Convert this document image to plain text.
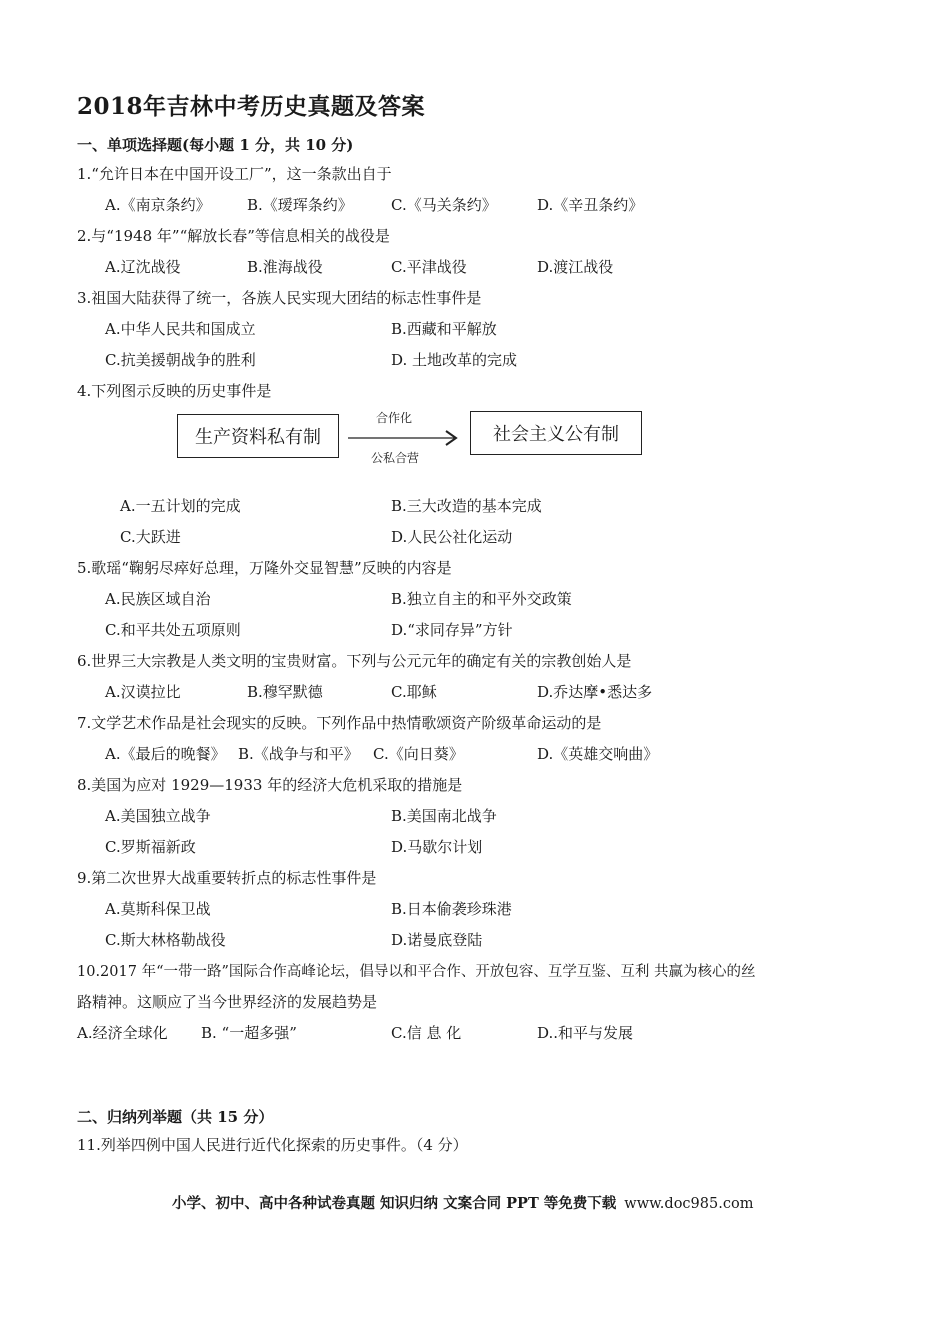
2018年吉林中考历史真题及答案
一、单项选择题(每小题 1 分，共 10 分)
1.“允许日本在中国开设工厂”，这一条款出自于
A.《南京条约》 B.《瑷珲条约》	C.《马关条约》	D.《辛丑条约》
2.与“1948 年”“解放长春”等信息相关的战役是
A.辽沈战役	B.淮海战役	C.平津战役	D.渡江战役
3.祖国大陆获得了统一，各族人民实现大团结的标志性事件是
A.中华人民共和国成立	B.西藏和平解放
C.抗美援朝战争的胜利	D. 土地改革的完成
4.下列图示反映的历史事件是
生产资料私有制
合作化
公私合营
社会主义公有制
A.一五计划的完成	B.三大改造的基本完成
C.大跃进	D.人民公社化运动
5.歌瑶“鞠躬尽瘁好总理，万隆外交显智慧”反映的内容是
A.民族区域自治	B.独立自主的和平外交政策
C.和平共处五项原则	D.“求同存异”方针
6.世界三大宗教是人类文明的宝贵财富。下列与公元元年的确定有关的宗教创始人是
A.汉谟拉比	B.穆罕默德	C.耶稣	D.乔达摩•悉达多
7.文学艺术作品是社会现实的反映。下列作品中热情歌颂资产阶级革命运动的是
A.《最后的晚餐》 B.《战争与和平》 C.《向日葵》	D.《英雄交响曲》
8.美国为应对 1929—1933 年的经济大危机采取的措施是
A.美国独立战争	B.美国南北战争
C.罗斯福新政	D.马歇尔计划
9.第二次世界大战重要转折点的标志性事件是
A.莫斯科保卫战	B.日本偷袭珍珠港
C.斯大林格勒战役	D.诺曼底登陆
10.2017 年“一带一路”国际合作高峰论坛，倡导以和平合作、开放包容、互学互鉴、互利 共赢为核心的丝
路精神。这顺应了当今世界经济的发展趋势是
A.经济全球化 B. “一超多强”	C.信 息 化	D..和平与发展
二、归纳列举题（共 15 分）
11.列举四例中国人民进行近代化探索的历史事件。（4 分）
小学、初中、高中各种试卷真题 知识归纳 文案合同 PPT 等免费下载 www.doc985.com
